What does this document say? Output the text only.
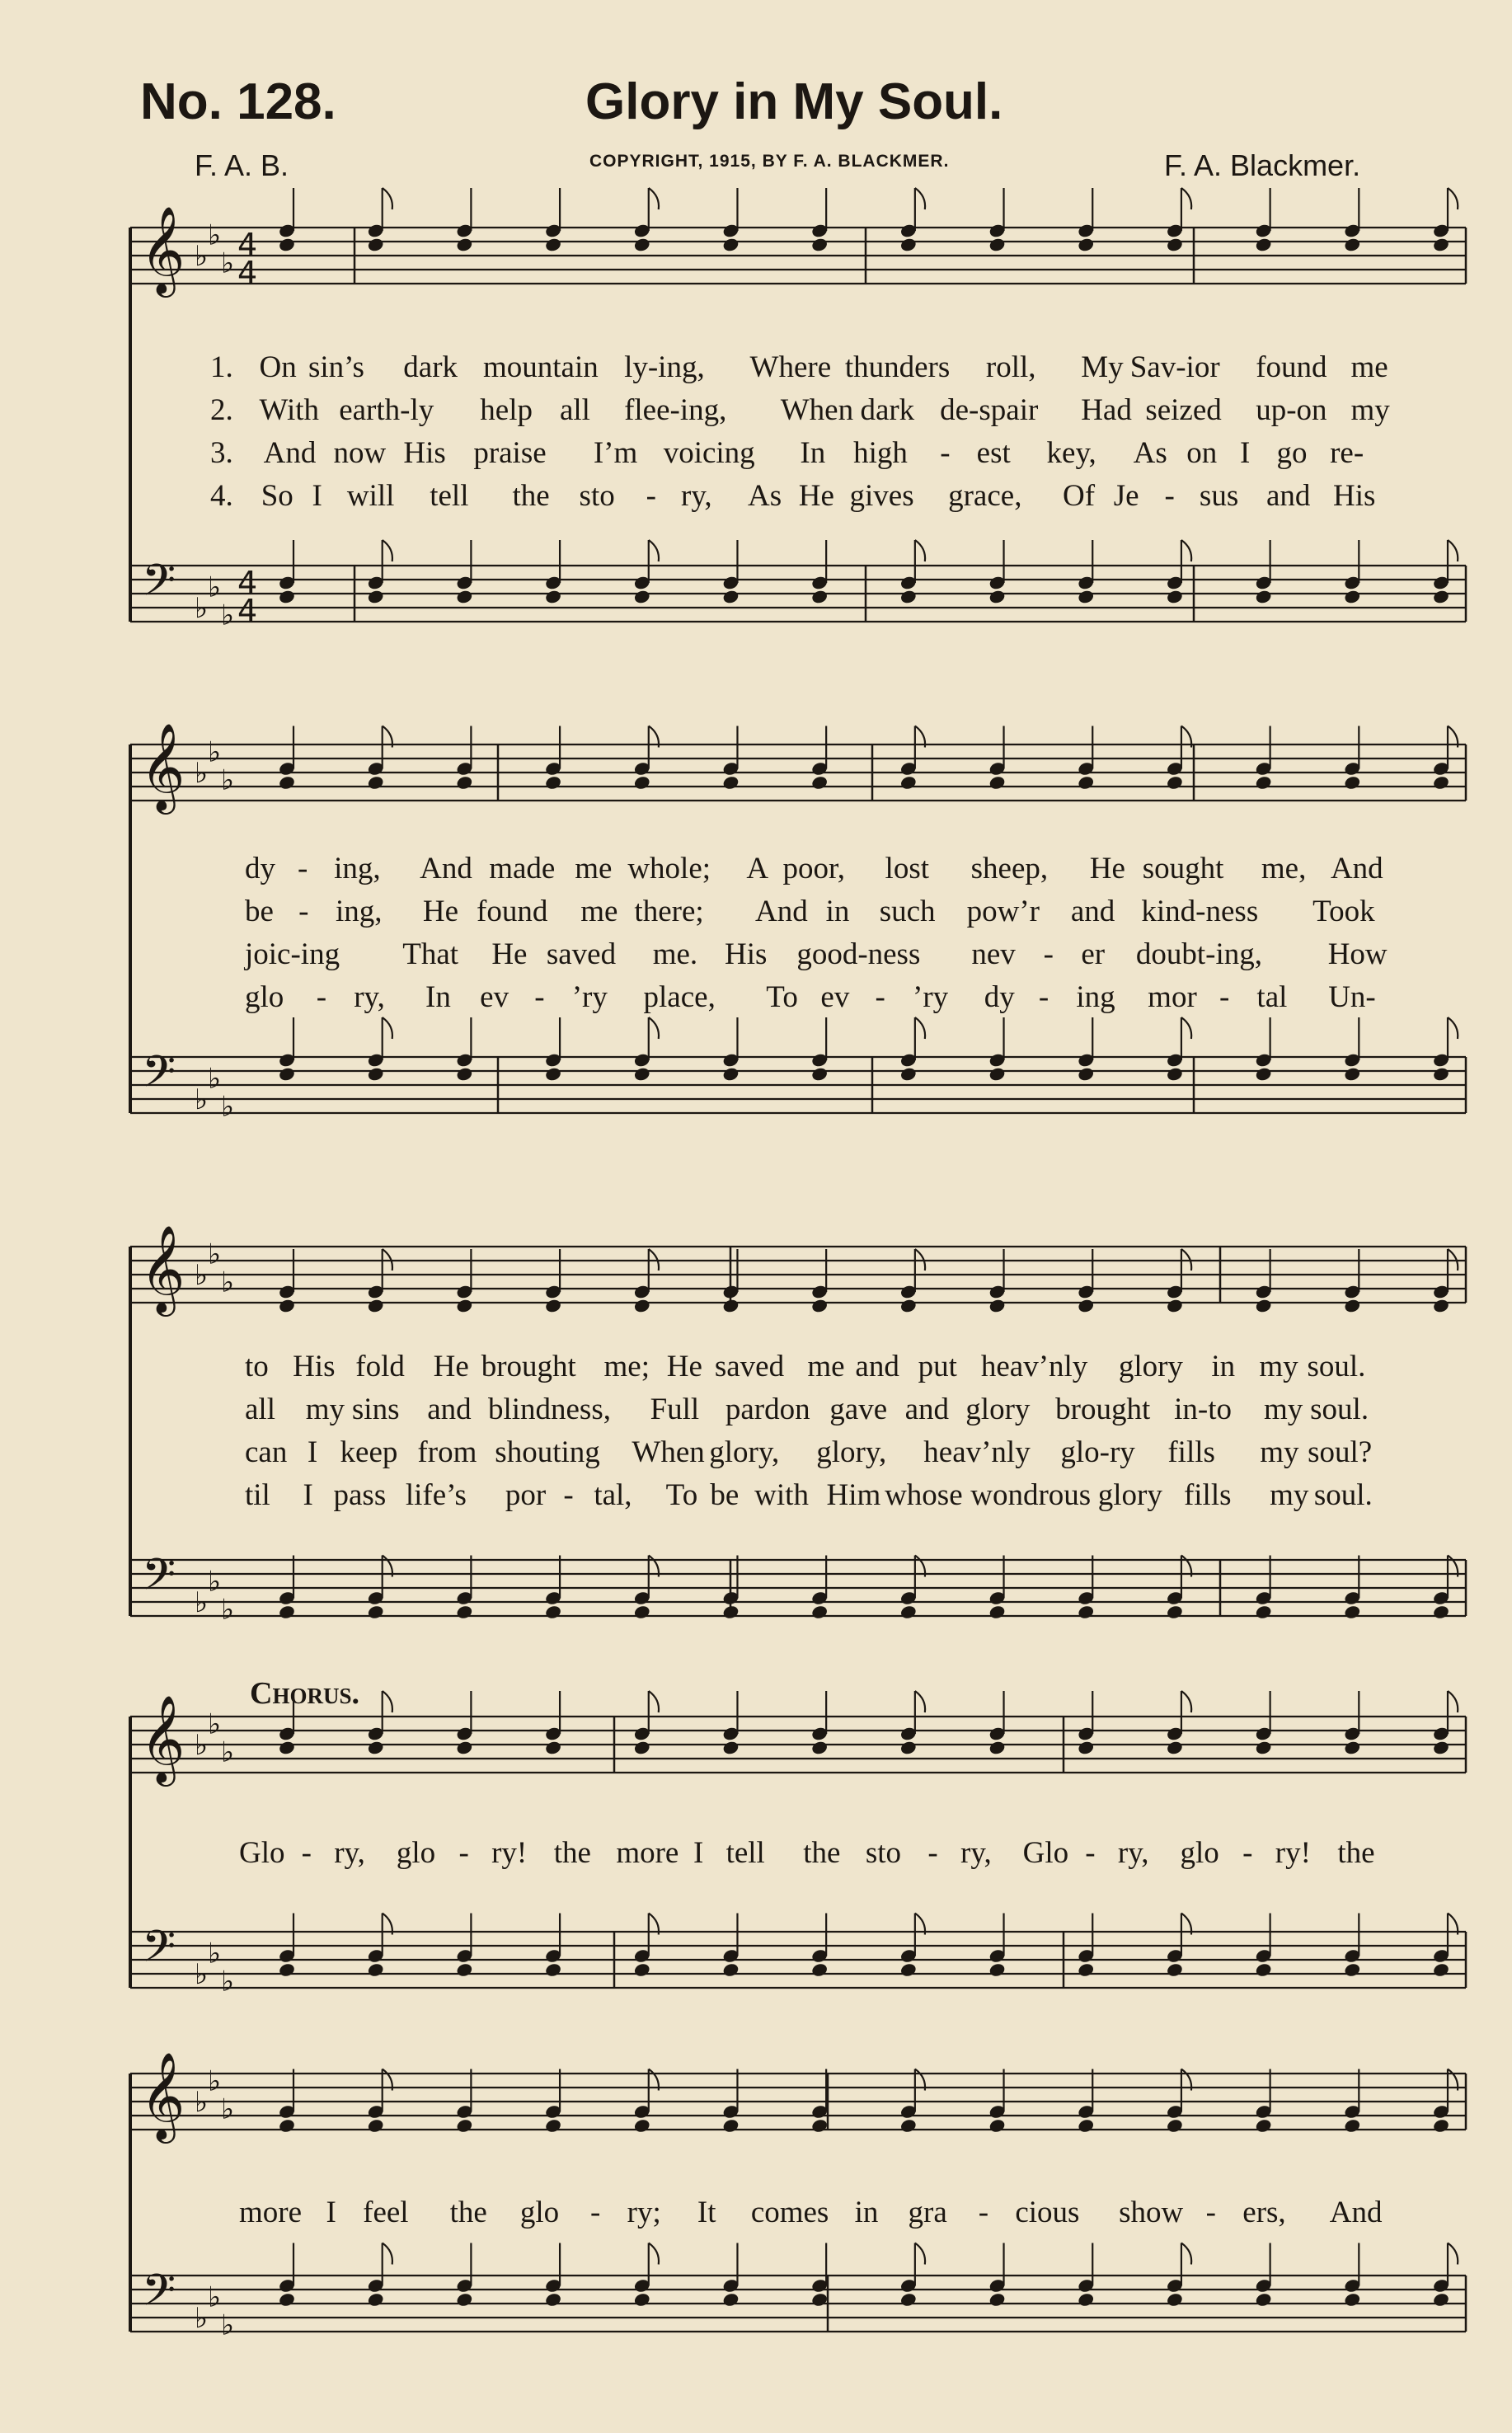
No. 128.	Glory in My Soul.
F. A. B.	COPYRIGHT, 1915, BY F. A. BLACKMER.	F. A. Blackmer.
Chorus.
𝄞
𝄢
♭
♭
♭
♭
♭
♭
4
4
4
4
𝄞
𝄢
♭
♭
♭
♭
♭
♭
𝄞
𝄢
♭
♭
♭
♭
♭
♭
𝄞
𝄢
♭
♭
♭
♭
♭
♭
𝄞
𝄢
♭
♭
♭
♭
♭
♭
1. On sin’s dark mountain ly-ing, Where thunders roll, My Sav-ior found me
2. With earth-ly help all flee-ing, When dark de-spair Had seized up-on my
3. And now His praise I’m voicing In high - est key, As on I go re-
4. So I will tell the sto - ry, As He gives grace, Of Je - sus and His
dy - ing, And made me whole; A poor, lost sheep, He sought me, And
be - ing, He found me there; And in such pow’r and kind-ness Took
joic-ing That He saved me. His good-ness nev - er doubt-ing, How
glo - ry, In ev - ’ry place, To ev - ’ry dy - ing mor - tal Un-
to His fold He brought me; He saved me and put heav’nly glory in my soul.
all my sins and blindness, Full pardon gave and glory brought in-to my soul.
can I keep from shouting When glory, glory, heav’nly glo-ry fills my soul?
til I pass life’s por - tal, To be with Him whose wondrous glory fills my soul.
Glo - ry, glo - ry! the more I tell the sto - ry, Glo - ry, glo - ry! the
more I feel the glo - ry; It comes in gra - cious show - ers, And
